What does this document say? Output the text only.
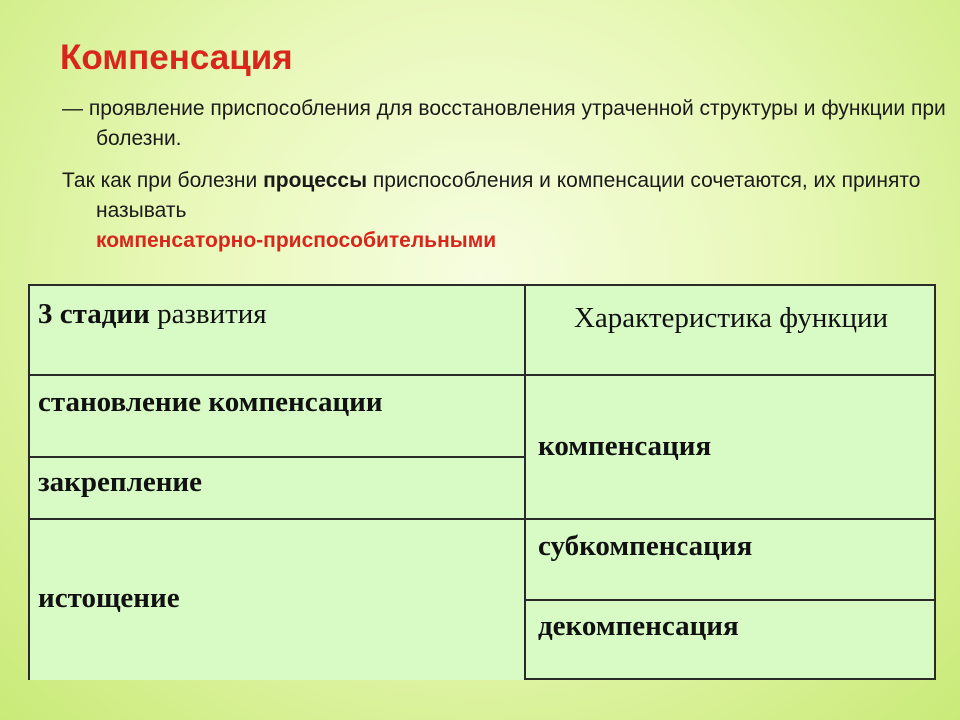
Компенсация
— проявление приспособления для восстановления утраченной структуры и функции при болезни.
Так как при болезни процессы приспособления и компенсации сочетаются, их принято называть
компенсаторно-приспособительными
3 стадии развития	Характеристика функции
становление компенсации
закрепление
истощение
компенсация
субкомпенсация
декомпенсация
